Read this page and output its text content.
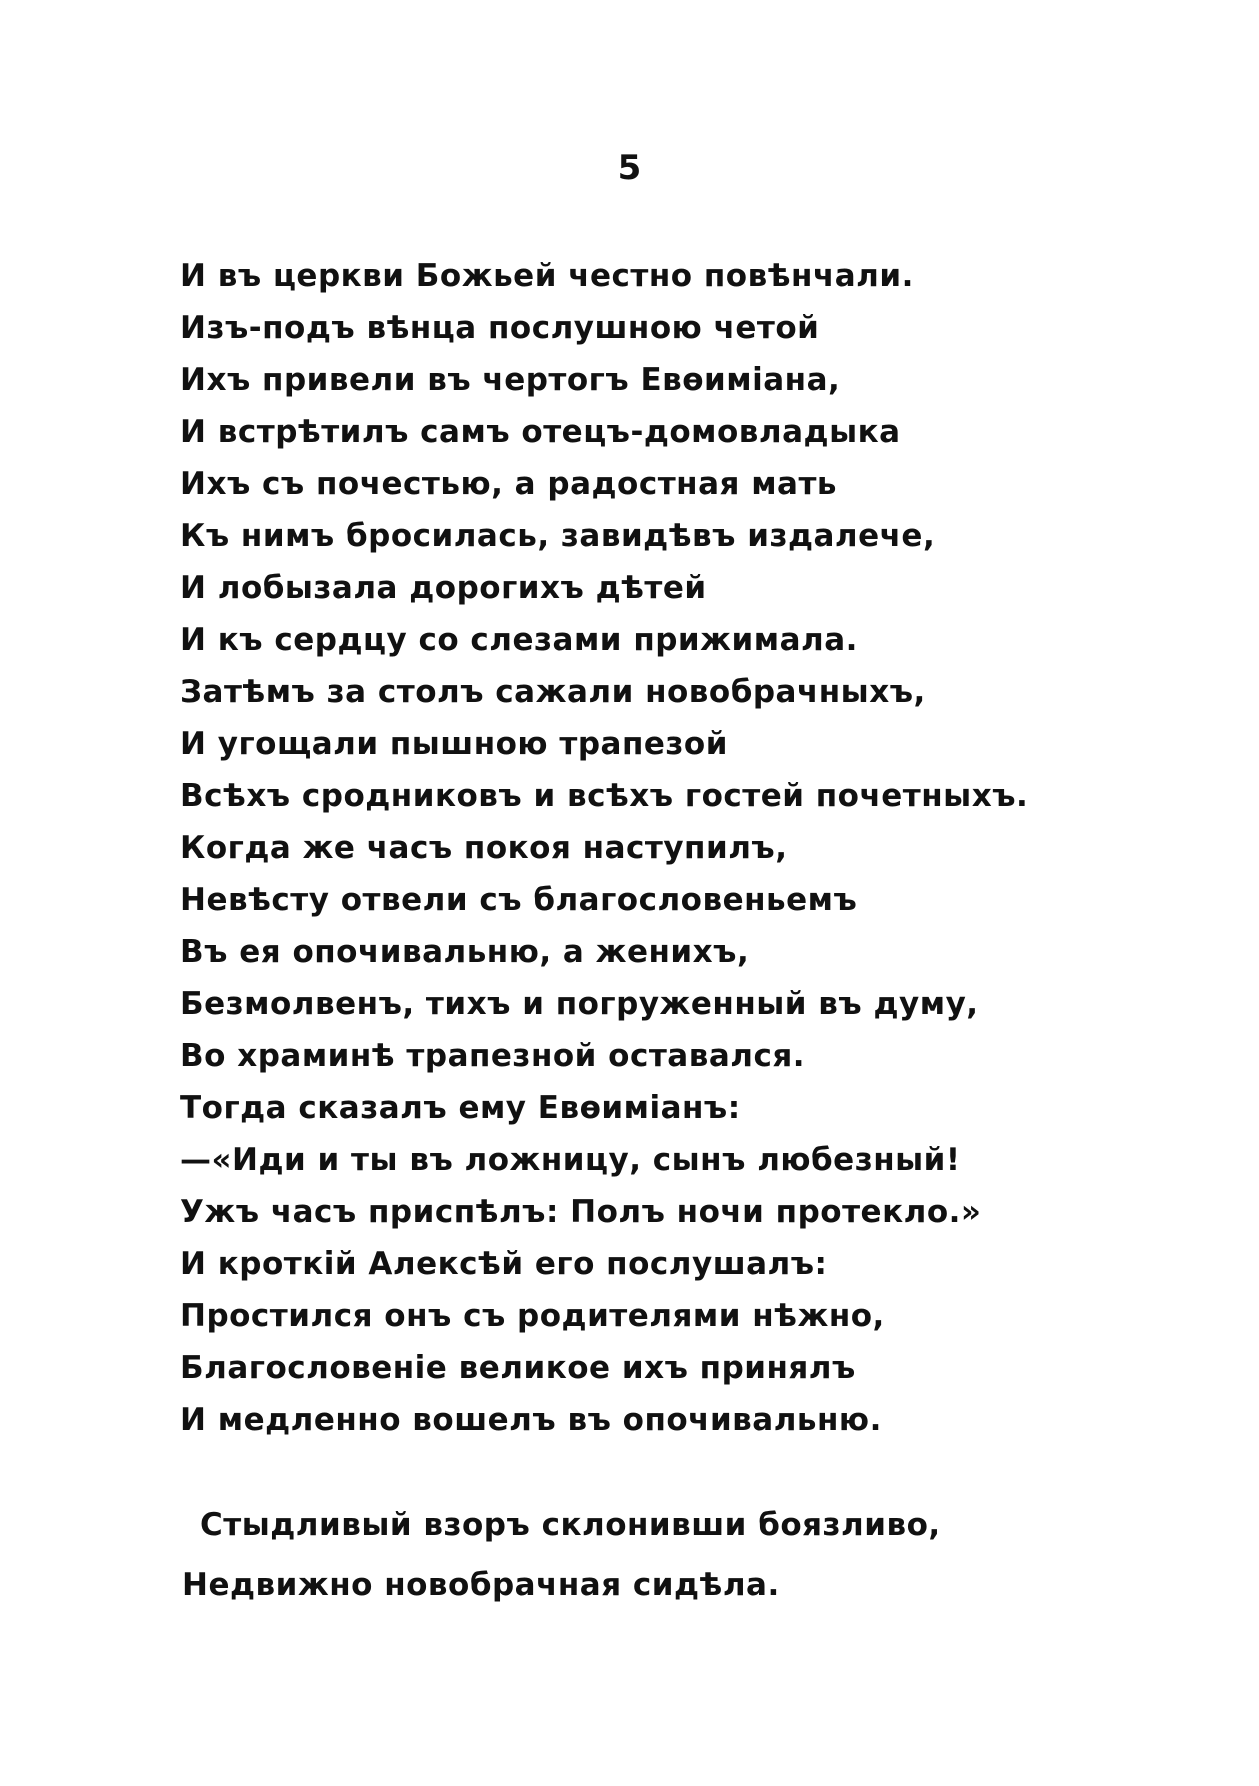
5
И въ церкви Божьей честно повѣнчали.
Изъ-подъ вѣнца послушною четой
Ихъ привели въ чертогъ Евѳиміана,
И встрѣтилъ самъ отецъ-домовладыка
Ихъ съ почестью, а радостная мать
Къ нимъ бросилась, завидѣвъ издалече,
И лобызала дорогихъ дѣтей
И къ сердцу со слезами прижимала.
Затѣмъ за столъ сажали новобрачныхъ,
И угощали пышною трапезой
Всѣхъ сродниковъ и всѣхъ гостей почетныхъ.
Когда же часъ покоя наступилъ,
Невѣсту отвели съ благословеньемъ
Въ ея опочивальню, а женихъ,
Безмолвенъ, тихъ и погруженный въ думу,
Во храминѣ трапезной оставался.
Тогда сказалъ ему Евѳиміанъ:
—«Иди и ты въ ложницу, сынъ любезный!
Ужъ часъ приспѣлъ: Полъ ночи протекло.»
И кроткій Алексѣй его послушалъ:
Простился онъ съ родителями нѣжно,
Благословеніе великое ихъ принялъ
И медленно вошелъ въ опочивальню.
Стыдливый взоръ склонивши боязливо,
Недвижно новобрачная сидѣла.
